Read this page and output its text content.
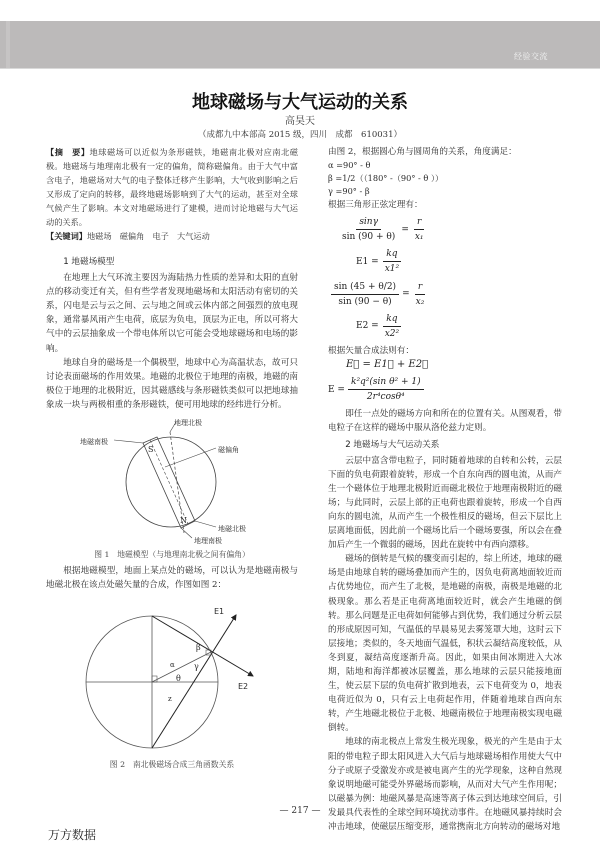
经验交流
地球磁场与大气运动的关系
高昊天
（成都九中本部高 2015 级，四川　成都　610031）
【摘　要】地球磁场可以近似为条形磁铁，地磁南北极对应南北磁极。地磁场与地理南北极有一定的偏角，简称磁偏角。由于大气中富含电子，地磁场对大气的电子整体迁移产生影响，大气收到影响之后又形成了定向的转移，最终地磁场影响到了大气的运动，甚至对全球气候产生了影响。本文对地磁场进行了建模，进而讨论地磁与大气运动的关系。
【关键词】地磁场　磁偏角　电子　大气运动
1 地磁场模型

在地理上大气环流主要因为海陆热力性质的差异和太阳的直射点的移动变迁有关，但有些学者发现地磁场和太阳活动有密切的关系，闪电是云与云之间、云与地之间或云体内部之间强烈的放电现象，通常暴风雨产生电荷，底层为负电，顶层为正电，所以可将大气中的云层抽象成一个带电体所以它可能会受地球磁场和电场的影响。

地球自身的磁场是一个偶极型，地球中心为高温状态，故可只讨论表面磁场的作用效果。地磁的北极位于地理的南极，地磁的南极位于地理的北极附近，因其磁感线与条形磁铁类似可以把地球抽象成一块与两极相重的条形磁铁，便可用地球的经纬进行分析。

地理北极
地磁南极
磁偏角
地磁北极
地理南极
S
N
图 1　地磁模型（与地理南北极之间有偏角）

根据地磁模型，地面上某点处的磁场，可以认为是地磁南极与地磁北极在该点处磁矢量的合成，作图如图 2：

E1
E2
α
β
γ
θ
z
图 2　南北极磁场合成三角函数关系

由图 2，根据圆心角与圆周角的关系，角度满足：

α =90° - θ

β =1/2（（180° -（90° - θ ））

γ =90° - β

根据三角形正弦定理有：

$\frac{\sin\gamma}{\sin (90 + \theta)} = \frac{r}{\text{x₁}}$
$E1 = \frac{kq}{\text{x1²}}$
$\frac{\sin (45 + \theta/2)}{\sin (90 - \theta)} = \frac{r}{\text{x₂}}$
$E2 = \frac{kq}{\text{x2²}}$

根据矢量合成法则有：

E⃗ = E1⃗ + E2⃗
$E = \frac{\text{k²q²(sin θ² + 1)}}{\text{2r⁴cosθ⁴}}$

即任一点处的磁场方向和所在的位置有关。从图观看，带电粒子在这样的磁场中服从洛伦兹力定则。

2 地磁场与大气运动关系

云层中富含带电粒子，同时随着地球的自转和公转，云层下面的负电荷跟着旋转，形成一个自东向西的圆电流，从而产生一个磁体位于地理北极附近而磁北极位于地理南极附近的磁场；与此同时，云层上部的正电荷也跟着旋转，形成一个自西向东的圆电流，从而产生一个极性相反的磁场，但云下层比上层离地面低，因此前一个磁场比后一个磁场要强，所以会在叠加后产生一个微弱的磁场，因此在旋转中有西向漂移。

磁场的倒转是气候的骤变而引起的，综上所述，地球的磁场是由地球自转的磁场叠加而产生的，因负电荷离地面较近而占优势地位，而产生了北极，是地磁的南极，南极是地磁的北极现象。那么若是正电荷离地面较近时，就会产生地磁的倒转。那么问题是正电荷如何能够占到优势，我们通过分析云层的形成原因可知，气温低的早晨易见去雾笼罩大地，这时云下层接地；类似的，冬天地面气温低，积状云凝结高度较低，从冬到夏，凝结高度逐渐升高。因此，如果由间冰期进入大冰期，陆地和海洋都被冰层覆盖，那么地球的云层只能接地面生，使云层下层的负电荷扩散到地表，云下电荷变为 0，地表电荷近似为 0，只有云上电荷起作用，伴随着地球自西向东转，产生地磁北极位于北极、地磁南极位于地理南极实现电磁倒转。

地球的南北极点上常发生极光现象，极光的产生是由于太阳的带电粒子即太阳风进入大气后与地球磁场相作用使大气中分子或原子受激发亦或是被电离产生的光学现象，这种自然现象说明地磁可能受外界磁场而影响，从而对大气产生作用呢；以磁暴为例：地磁风暴是高速等离子体云到达地球空间后，引发最具代表性的全球空间环境扰动事件。在地磁风暴持续时会冲击地球，使磁层压缩变形，通常携南北方向转动的磁场对地

— 217 —
万方数据
